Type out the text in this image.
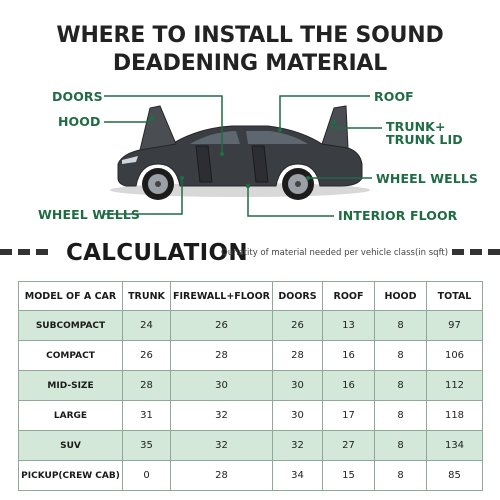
WHERE TO INSTALL THE SOUND
DEADENING MATERIAL
DOORS
HOOD
WHEEL WELLS
ROOF
TRUNK+
TRUNK LID
WHEEL WELLS
INTERIOR FLOOR
CALCULATION
Qunatity of material needed per vehicle class(in sqft)
MODEL OF A CAR	TRUNK	FIREWALL+FLOOR	DOORS	ROOF	HOOD	TOTAL
SUBCOMPACT	24	26	26	13	8	97
COMPACT	26	28	28	16	8	106
MID-SIZE	28	30	30	16	8	112
LARGE	31	32	30	17	8	118
SUV	35	32	32	27	8	134
PICKUP(CREW CAB)	0	28	34	15	8	85
